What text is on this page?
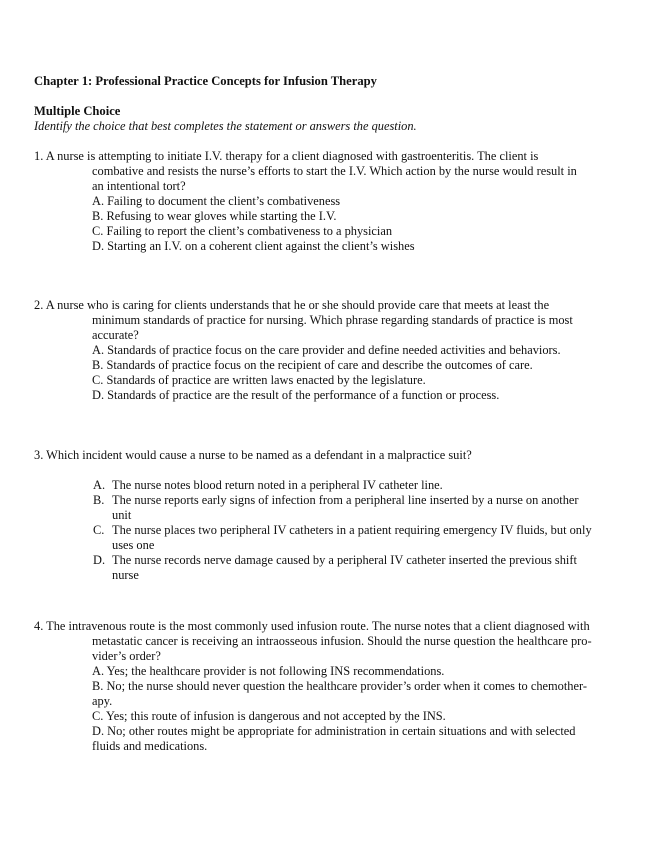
Chapter 1: Professional Practice Concepts for Infusion Therapy
Multiple Choice
Identify the choice that best completes the statement or answers the question.
1. A nurse is attempting to initiate I.V. therapy for a client diagnosed with gastroenteritis. The client is
combative and resists the nurse’s efforts to start the I.V. Which action by the nurse would result in
an intentional tort?
A. Failing to document the client’s combativeness
B. Refusing to wear gloves while starting the I.V.
C. Failing to report the client’s combativeness to a physician
D. Starting an I.V. on a coherent client against the client’s wishes
2. A nurse who is caring for clients understands that he or she should provide care that meets at least the
minimum standards of practice for nursing. Which phrase regarding standards of practice is most
accurate?
A. Standards of practice focus on the care provider and define needed activities and behaviors.
B. Standards of practice focus on the recipient of care and describe the outcomes of care.
C. Standards of practice are written laws enacted by the legislature.
D. Standards of practice are the result of the performance of a function or process.
3. Which incident would cause a nurse to be named as a defendant in a malpractice suit?
A. The nurse notes blood return noted in a peripheral IV catheter line.
B. The nurse reports early signs of infection from a peripheral line inserted by a nurse on another
unit
C. The nurse places two peripheral IV catheters in a patient requiring emergency IV fluids, but only
uses one
D. The nurse records nerve damage caused by a peripheral IV catheter inserted the previous shift
nurse
4. The intravenous route is the most commonly used infusion route. The nurse notes that a client diagnosed with
metastatic cancer is receiving an intraosseous infusion. Should the nurse question the healthcare pro-
vider’s order?
A. Yes; the healthcare provider is not following INS recommendations.
B. No; the nurse should never question the healthcare provider’s order when it comes to chemother-
apy.
C. Yes; this route of infusion is dangerous and not accepted by the INS.
D. No; other routes might be appropriate for administration in certain situations and with selected
fluids and medications.
